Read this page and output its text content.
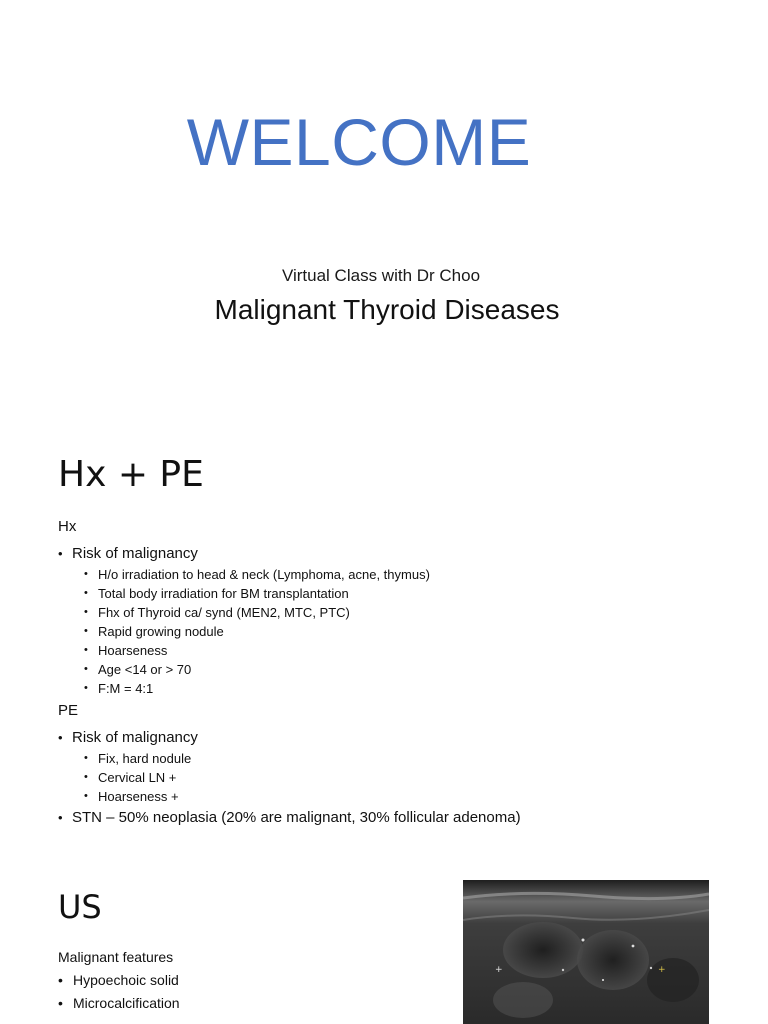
WELCOME
Virtual Class with Dr Choo
Malignant Thyroid Diseases
Hx + PE
Hx
• Risk of malignancy
• H/o irradiation to head & neck (Lymphoma, acne, thymus)
• Total body irradiation for BM transplantation
• Fhx of Thyroid ca/ synd (MEN2, MTC, PTC)
• Rapid growing nodule
• Hoarseness
• Age <14 or > 70
• F:M = 4:1
PE
• Risk of malignancy
• Fix, hard nodule
• Cervical LN +
• Hoarseness +
• STN – 50% neoplasia (20% are malignant, 30% follicular adenoma)
US
Malignant features
• Hypoechoic solid
• Microcalcification
+	+
